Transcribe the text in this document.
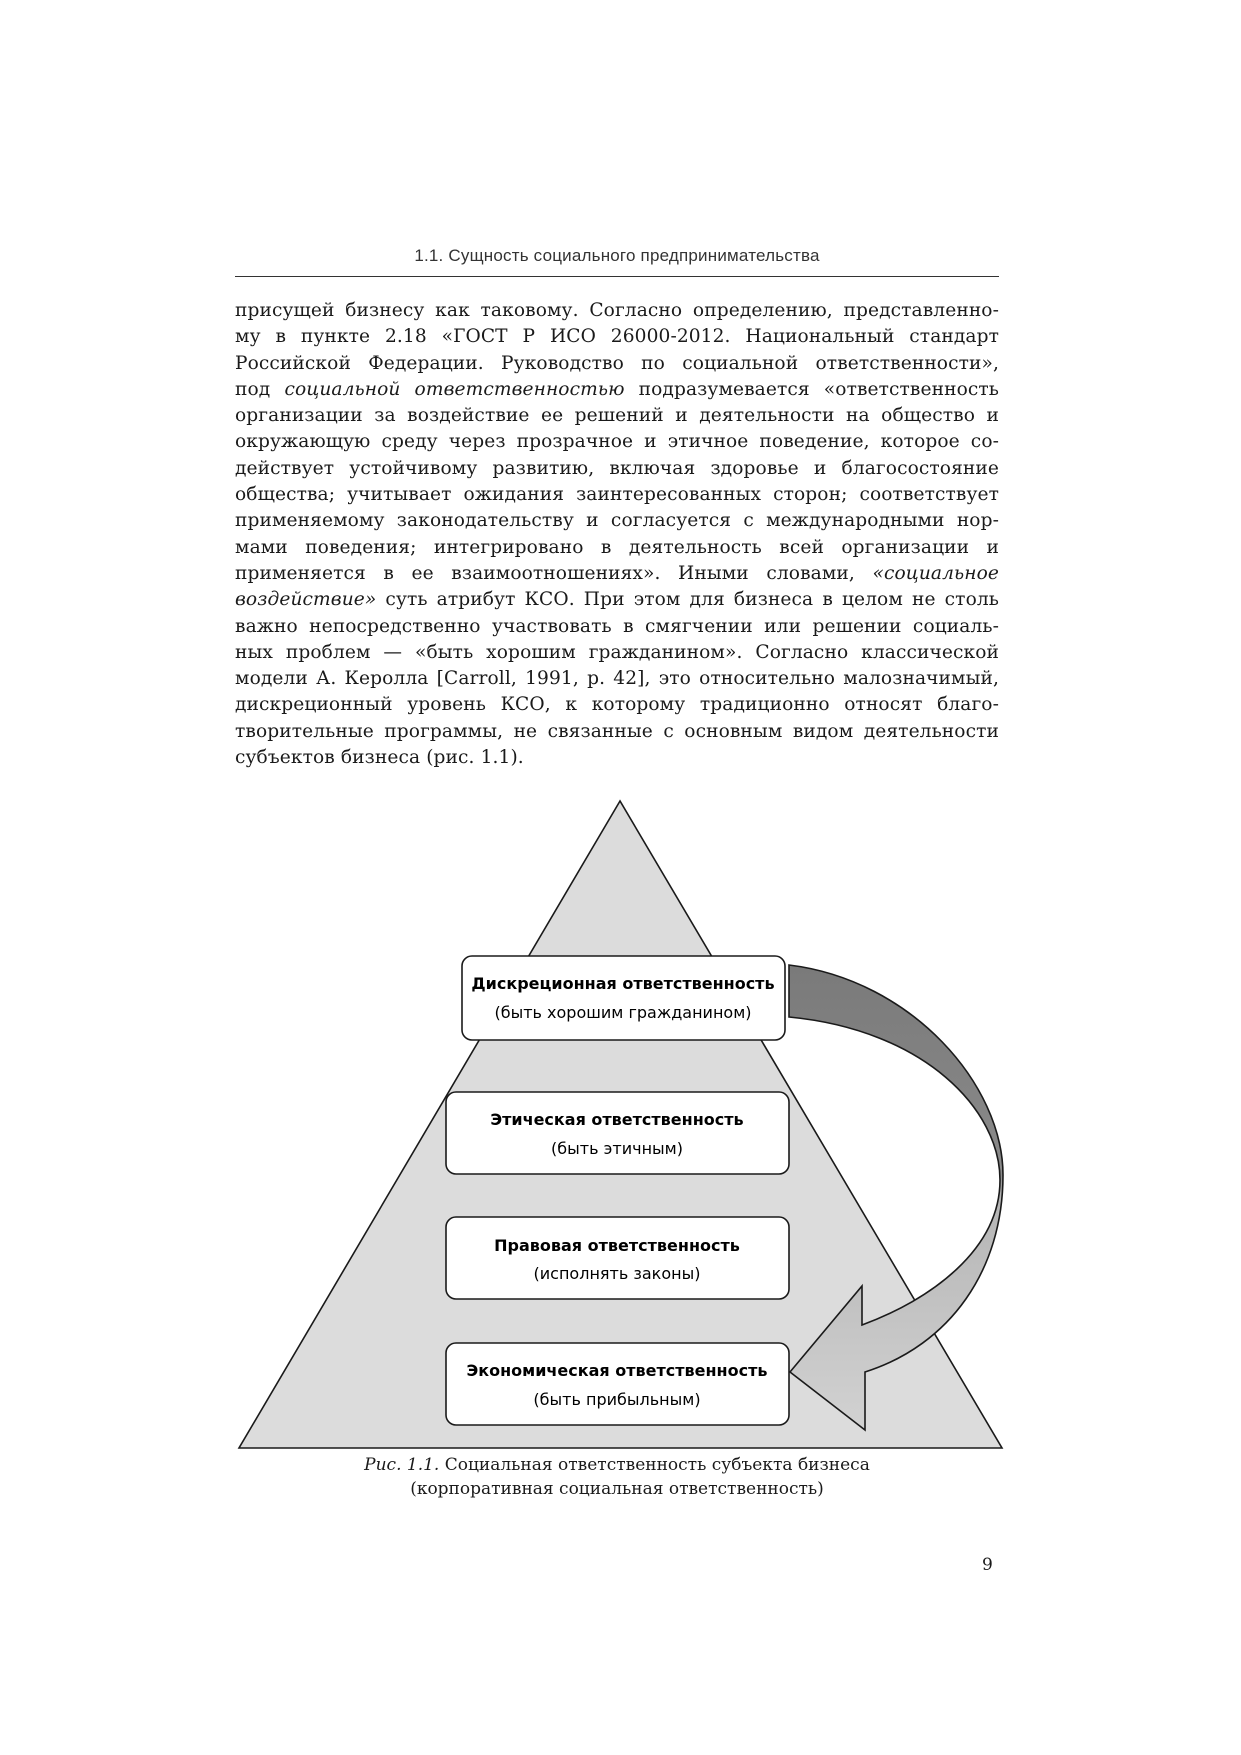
1.1. Сущность социального предпринимательства
присущей бизнесу как таковому. Согласно определению, представленно-
му в пункте 2.18 «ГОСТ Р ИСО 26000-2012. Национальный стандарт
Российской Федерации. Руководство по социальной ответственности»,
под социальной ответственностью подразумевается «ответственность
организации за воздействие ее решений и деятельности на общество и
окружающую среду через прозрачное и этичное поведение, которое со-
действует устойчивому развитию, включая здоровье и благосостояние
общества; учитывает ожидания заинтересованных сторон; соответствует
применяемому законодательству и согласуется с международными нор-
мами поведения; интегрировано в деятельность всей организации и
применяется в ее взаимоотношениях». Иными словами, «социальное
воздействие» суть атрибут КСО. При этом для бизнеса в целом не столь
важно непосредственно участвовать в смягчении или решении социаль-
ных проблем — «быть хорошим гражданином». Согласно классической
модели А. Керолла [Carroll, 1991, p. 42], это относительно малозначимый,
дискреционный уровень КСО, к которому традиционно относят благо-
творительные программы, не связанные с основным видом деятельности
субъектов бизнеса (рис. 1.1).
Дискреционная ответственность
(быть хорошим гражданином)
Этическая ответственность
(быть этичным)
Правовая ответственность
(исполнять законы)
Экономическая ответственность
(быть прибыльным)
Рис. 1.1. Социальная ответственность субъекта бизнеса
(корпоративная социальная ответственность)
9
